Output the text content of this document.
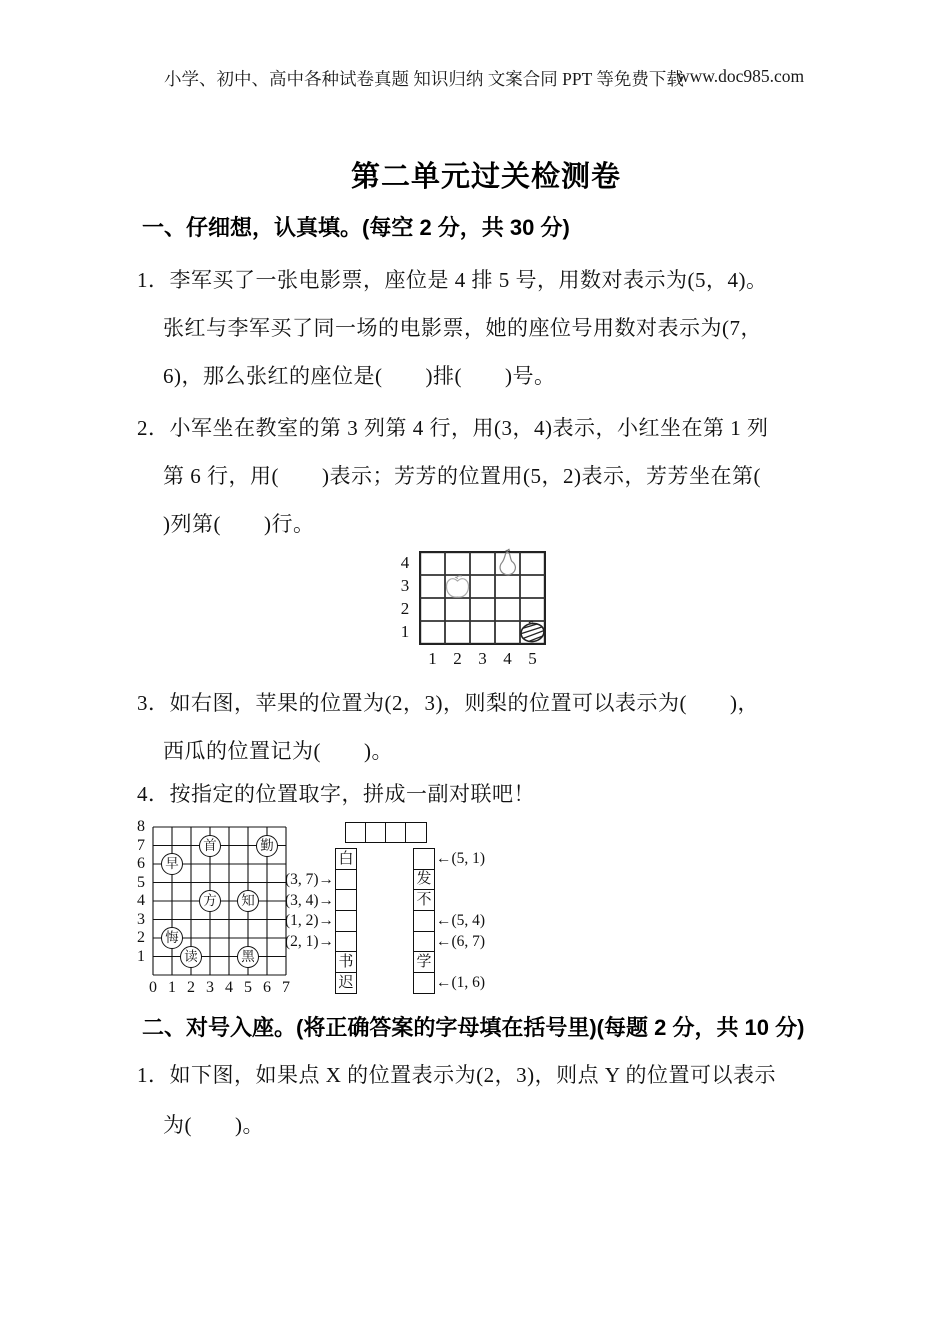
小学、初中、高中各种试卷真题 知识归纳 文案合同 PPT 等免费下载
www.doc985.com
第二单元过关检测卷
一、仔细想，认真填。(每空 2 分，共 30 分)
1．李军买了一张电影票，座位是 4 排 5 号，用数对表示为(5，4)。
张红与李军买了同一场的电影票，她的座位号用数对表示为(7，
6)，那么张红的座位是(　　)排(　　)号。
2．小军坐在教室的第 3 列第 4 行，用(3，4)表示，小红坐在第 1 列
第 6 行，用(　　)表示；芳芳的位置用(5，2)表示，芳芳坐在第(
)列第(　　)行。
4
3
2
1
1 2 3 4 5
3．如右图，苹果的位置为(2，3)，则梨的位置可以表示为(　　)，
西瓜的位置记为(　　)。
4．按指定的位置取字，拼成一副对联吧！
首	勤
早
方	知
悔
读	黑
8
7
6
5
4
3
2
1
0 1 2 3 4 5 6 7
(3, 7)→
(3, 4)→
(1, 2)→
(2, 1)→
白
书
迟
发
不
学
←(5, 1)
←(5, 4)
←(6, 7)
←(1, 6)
二、对号入座。(将正确答案的字母填在括号里)(每题 2 分，共 10 分)
1．如下图，如果点 X 的位置表示为(2，3)，则点 Y 的位置可以表示
为(　　)。
